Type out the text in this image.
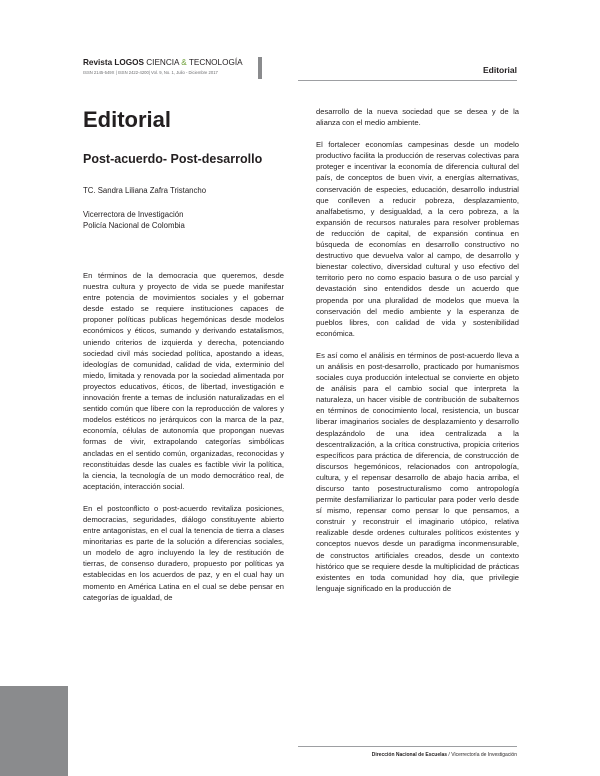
Revista LOGOS CIENCIA & TECNOLOGÍA
ISSN 2145-549X | ISSN 2422-4200| Vol. 9, No. 1, Julio - Diciembre 2017	Editorial
Editorial
Post-acuerdo- Post-desarrollo
TC. Sandra Liliana Zafra Tristancho
Vicerrectora de Investigación
Policía Nacional de Colombia

En términos de la democracia que queremos, desde nuestra cultura y proyecto de vida se puede manifestar entre potencia de movimientos sociales y el gobernar desde estado se requiere instituciones capaces de proponer políticas publicas hegemónicas desde modelos económicos y éticos, sumando y derivando estatalismos, uniendo criterios de izquierda y derecha, potenciando sociedad civil más sociedad política, apostando a ideas, ideologías de comunidad, calidad de vida, exterminio del miedo, limitada y renovada por la sociedad alimentada por proyectos educativos, éticos, de libertad, investigación e innovación frente a temas de inclusión naturalizadas en el sentido común que libere con la reproducción de valores y modelos estéticos no jerárquicos con la marca de la paz, economía, células de autonomía que propongan nuevas formas de vivir, extrapolando categorías simbólicas ancladas en el sentido común, organizadas, reconocidas y reconstituidas desde las cuales es factible vivir la política, la ciencia, la tecnología de un modo democrático real, de aceptación, interacción social.

En el postconflicto o post-acuerdo revitaliza posiciones, democracias, seguridades, diálogo constituyente abierto entre antagonistas, en el cual la tenencia de tierra a clases minoritarias es parte de la solución a diferencias sociales, un modelo de agro incluyendo la ley de restitución de tierras, de consenso duradero, propuesto por políticas ya establecidas en los acuerdos de paz, y en el cual hay un momento en América Latina en el cual se debe pensar en categorías de igualdad, de

desarrollo de la nueva sociedad que se desea y de la alianza con el medio ambiente.

El fortalecer economías campesinas desde un modelo productivo facilita la producción de reservas colectivas para proteger e incentivar la economía de diferencia cultural del país, de conceptos de buen vivir, a energías alternativas, conservación de especies, educación, desarrollo industrial que conlleven a reducir pobreza, desplazamiento, analfabetismo, y desigualdad, a la cero pobreza, a la expansión de recursos naturales para resolver problemas de reducción de capital, de expansión continua en búsqueda de economías en desarrollo constructivo no destructivo que devuelva valor al campo, de desarrollo y bienestar colectivo, diversidad cultural y uso efectivo del territorio pero no como espacio basura o de uso parcial y devastación sino entendidos desde un acuerdo que propenda por una pluralidad de modelos que mueva la conservación del medio ambiente y la esperanza de pueblos libres, con calidad de vida y sostenibilidad económica.

Es así como el análisis en términos de post-acuerdo lleva a un análisis en post-desarrollo, practicado por humanismos sociales cuya producción intelectual se convierte en objeto de análisis para el cambio social que interpreta la naturaleza, un hacer visible de contribución de subalternos en términos de conocimiento local, resistencia, un buscar liberar imaginarios sociales de desplazamiento y desarrollo desplazándolo de una idea centralizada a la descentralización, a la crítica constructiva, propicia criterios específicos para práctica de diferencia, de construcción de discursos hegemónicos, relacionados con antropología, cultura, y el repensar desarrollo de abajo hacia arriba, el discurso tanto posestructuralismo como antropología permite desfamiliarizar lo particular para poder verlo desde sí mismo, repensar como pensar lo que pensamos, a construir y reconstruir el imaginario utópico, relativa realizable desde ordenes culturales políticos existentes y conceptos nuevos desde un paradigma inconmensurable, de constructos artificiales creados, desde un contexto histórico que se requiere desde la multiplicidad de prácticas existentes en toda comunidad hoy día, que privilegie lenguaje significado en la producción de

Dirección Nacional de Escuelas / Vicerrectoría de Investigación
